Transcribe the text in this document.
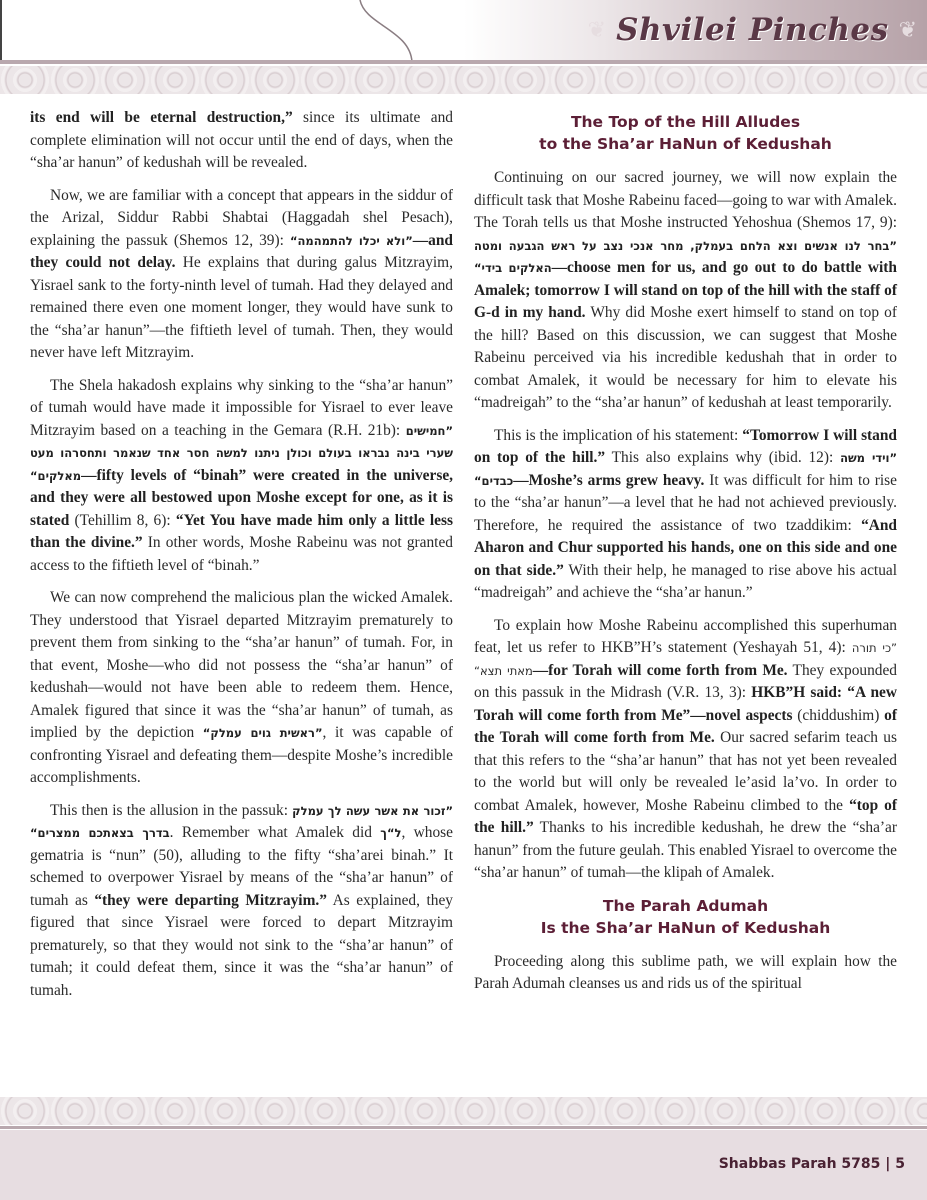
❦ Shvilei Pinches ❦

its end will be eternal destruction,” since its ultimate and complete elimination will not occur until the end of days, when the “sha’ar hanun” of kedushah will be revealed.

Now, we are familiar with a concept that appears in the siddur of the Arizal, Siddur Rabbi Shabtai (Haggadah shel Pesach), explaining the passuk (Shemos 12, 39): ”ולא יכלו להתמהמה“—and they could not delay. He explains that during galus Mitzrayim, Yisrael sank to the forty-ninth level of tumah. Had they delayed and remained there even one moment longer, they would have sunk to the “sha’ar hanun”—the fiftieth level of tumah. Then, they would never have left Mitzrayim.

The Shela hakadosh explains why sinking to the “sha’ar hanun” of tumah would have made it impossible for Yisrael to ever leave Mitzrayim based on a teaching in the Gemara (R.H. 21b): ”חמישים שערי בינה נבראו בעולם וכולן ניתנו למשה חסר אחד שנאמר ותחסרהו מעט מאלקים“—fifty levels of “binah” were created in the universe, and they were all bestowed upon Moshe except for one, as it is stated (Tehillim 8, 6): “Yet You have made him only a little less than the divine.” In other words, Moshe Rabeinu was not granted access to the fiftieth level of “binah.”

We can now comprehend the malicious plan the wicked Amalek. They understood that Yisrael departed Mitzrayim prematurely to prevent them from sinking to the “sha’ar hanun” of tumah. For, in that event, Moshe—who did not possess the “sha’ar hanun” of kedushah—would not have been able to redeem them. Hence, Amalek figured that since it was the “sha’ar hanun” of tumah, as implied by the depiction ”ראשית גוים עמלק“, it was capable of confronting Yisrael and defeating them—despite Moshe’s incredible accomplishments.

This then is the allusion in the passuk: ”זכור את אשר עשה לך עמלק בדרך בצאתכם ממצרים“. Remember what Amalek did ל“ך, whose gematria is “nun” (50), alluding to the fifty “sha’arei binah.” It schemed to overpower Yisrael by means of the “sha’ar hanun” of tumah as “they were departing Mitzrayim.” As explained, they figured that since Yisrael were forced to depart Mitzrayim prematurely, so that they would not sink to the “sha’ar hanun” of tumah; it could defeat them, since it was the “sha’ar hanun” of tumah.

The Top of the Hill Alludes
to the Sha’ar HaNun of Kedushah

Continuing on our sacred journey, we will now explain the difficult task that Moshe Rabeinu faced—going to war with Amalek. The Torah tells us that Moshe instructed Yehoshua (Shemos 17, 9): ”בחר לנו אנשים וצא הלחם בעמלק, מחר אנכי נצב על ראש הגבעה ומטה האלקים בידי“—choose men for us, and go out to do battle with Amalek; tomorrow I will stand on top of the hill with the staff of G-d in my hand. Why did Moshe exert himself to stand on top of the hill? Based on this discussion, we can suggest that Moshe Rabeinu perceived via his incredible kedushah that in order to combat Amalek, it would be necessary for him to elevate his “madreigah” to the “sha’ar hanun” of kedushah at least temporarily.

This is the implication of his statement: “Tomorrow I will stand on top of the hill.” This also explains why (ibid. 12): ”וידי משה כבדים“—Moshe’s arms grew heavy. It was difficult for him to rise to the “sha’ar hanun”—a level that he had not achieved previously. Therefore, he required the assistance of two tzaddikim: “And Aharon and Chur supported his hands, one on this side and one on that side.” With their help, he managed to rise above his actual “madreigah” and achieve the “sha’ar hanun.”

To explain how Moshe Rabeinu accomplished this superhuman feat, let us refer to HKB”H’s statement (Yeshayah 51, 4): ”כי תורה מאתי תצא“—for Torah will come forth from Me. They expounded on this passuk in the Midrash (V.R. 13, 3): HKB”H said: “A new Torah will come forth from Me”—novel aspects (chiddushim) of the Torah will come forth from Me. Our sacred sefarim teach us that this refers to the “sha’ar hanun” that has not yet been revealed to the world but will only be revealed le’asid la’vo. In order to combat Amalek, however, Moshe Rabeinu climbed to the “top of the hill.” Thanks to his incredible kedushah, he drew the “sha’ar hanun” from the future geulah. This enabled Yisrael to overcome the “sha’ar hanun” of tumah—the klipah of Amalek.

The Parah Adumah
Is the Sha’ar HaNun of Kedushah

Proceeding along this sublime path, we will explain how the Parah Adumah cleanses us and rids us of the spiritual

Shabbas Parah 5785 | 5
